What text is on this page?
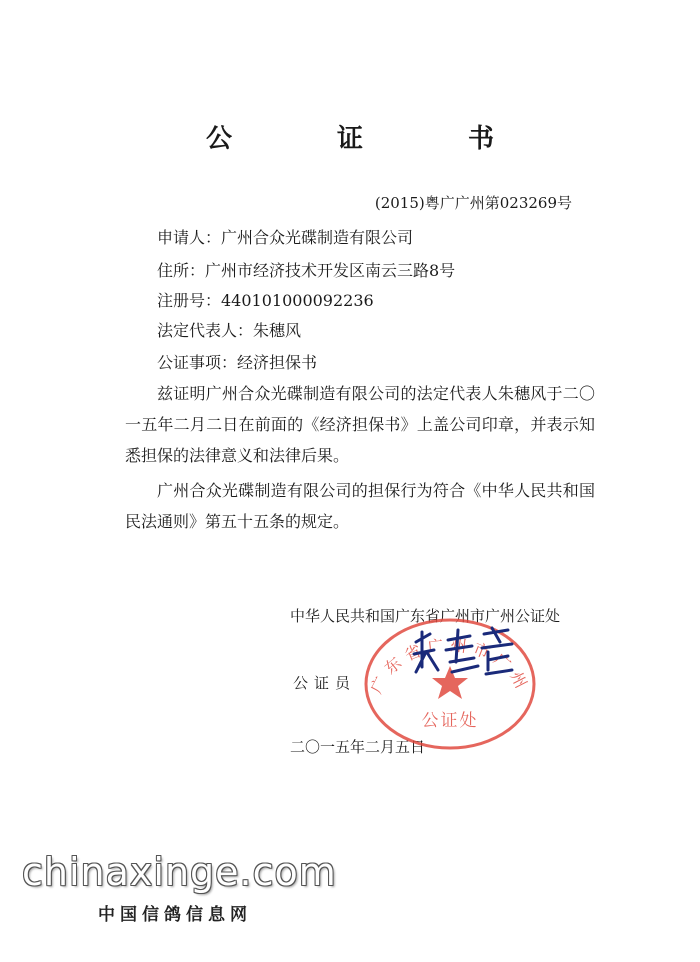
公 证 书
(2015)粤广广州第023269号
申请人：广州合众光碟制造有限公司
住所：广州市经济技术开发区南云三路8号
注册号：440101000092236
法定代表人：朱穗风
公证事项：经济担保书
兹证明广州合众光碟制造有限公司的法定代表人朱穗风于二〇一五年二月二日在前面的《经济担保书》上盖公司印章，并表示知悉担保的法律意义和法律后果。
广州合众光碟制造有限公司的担保行为符合《中华人民共和国民法通则》第五十五条的规定。
中华人民共和国广东省广州市广州公证处
公证员
二〇一五年二月五日
广东省广州市广州
公证处
chinaxinge.com
中国信鸽信息网
